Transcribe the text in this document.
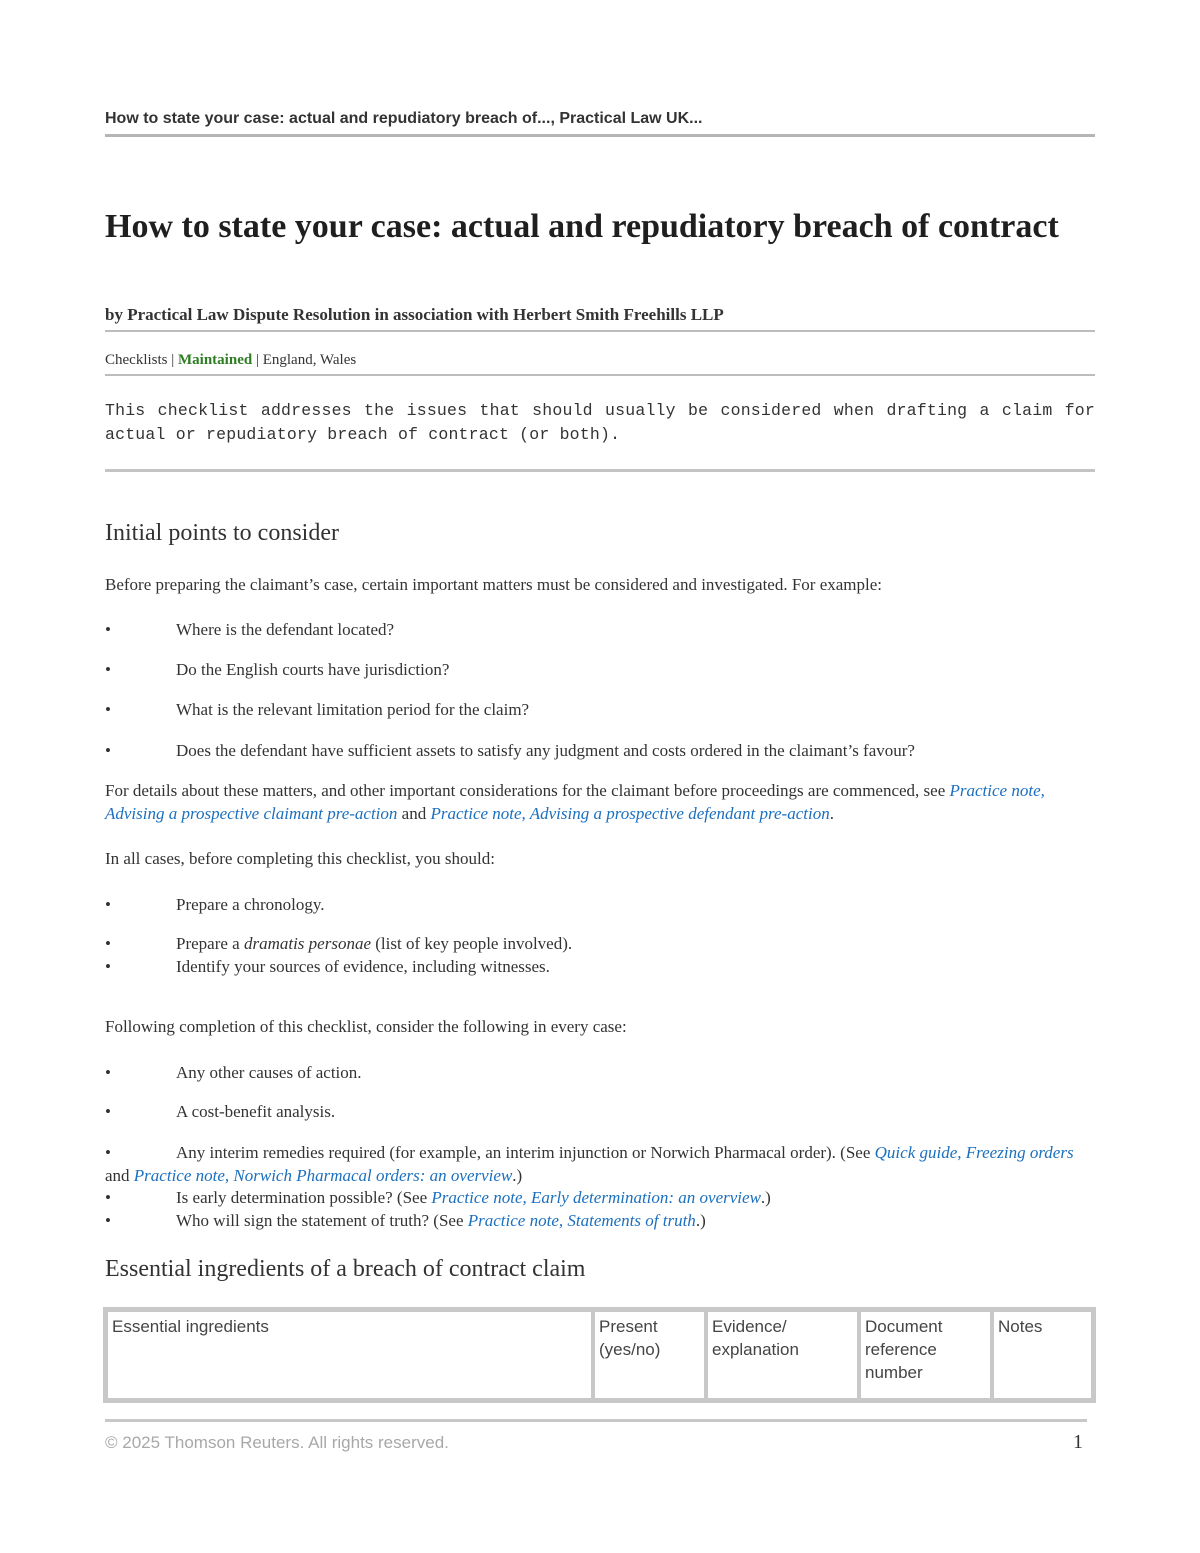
How to state your case: actual and repudiatory breach of..., Practical Law UK...
How to state your case: actual and repudiatory breach of contract
by Practical Law Dispute Resolution in association with Herbert Smith Freehills LLP
Checklists | Maintained | England, Wales
This checklist addresses the issues that should usually be considered when drafting a claim for actual or repudiatory breach of contract (or both).
Initial points to consider
Before preparing the claimant’s case, certain important matters must be considered and investigated. For example:
•	Where is the defendant located?
•	Do the English courts have jurisdiction?
•	What is the relevant limitation period for the claim?
•	Does the defendant have sufficient assets to satisfy any judgment and costs ordered in the claimant’s favour?
For details about these matters, and other important considerations for the claimant before proceedings are commenced, see Practice note, Advising a prospective claimant pre-action and Practice note, Advising a prospective defendant pre-action.
In all cases, before completing this checklist, you should:
•	Prepare a chronology.
•	Prepare a dramatis personae (list of key people involved).
•	Identify your sources of evidence, including witnesses.
Following completion of this checklist, consider the following in every case:
•	Any other causes of action.
•	A cost-benefit analysis.
•	Any interim remedies required (for example, an interim injunction or Norwich Pharmacal order). (See Quick guide, Freezing orders and Practice note, Norwich Pharmacal orders: an overview.)
•	Is early determination possible? (See Practice note, Early determination: an overview.)
•	Who will sign the statement of truth? (See Practice note, Statements of truth.)
Essential ingredients of a breach of contract claim
Essential ingredients	Present (yes/no)	Evidence/ explanation	Document reference number	Notes
© 2025 Thomson Reuters. All rights reserved.	1
